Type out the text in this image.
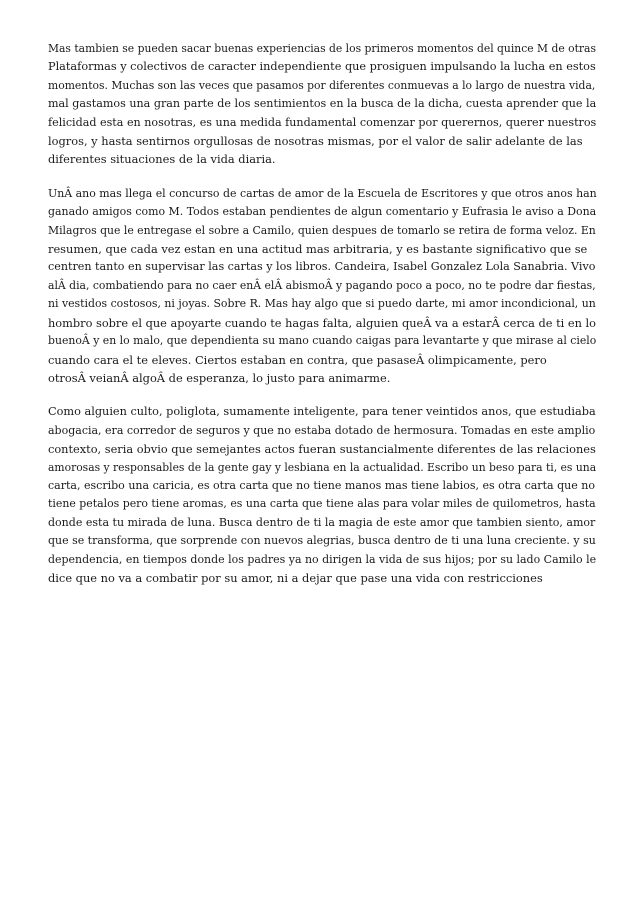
Mas tambien se pueden sacar buenas experiencias de los primeros momentos del quince M de otras
Plataformas y colectivos de caracter independiente que prosiguen impulsando la lucha en estos
momentos. Muchas son las veces que pasamos por diferentes conmuevas a lo largo de nuestra vida,
mal gastamos una gran parte de los sentimientos en la busca de la dicha, cuesta aprender que la
felicidad esta en nosotras, es una medida fundamental comenzar por querernos, querer nuestros
logros, y hasta sentirnos orgullosas de nosotras mismas, por el valor de salir adelante de las
diferentes situaciones de la vida diaria.

UnÂ ano mas llega el concurso de cartas de amor de la Escuela de Escritores y que otros anos han
ganado amigos como M. Todos estaban pendientes de algun comentario y Eufrasia le aviso a Dona
Milagros que le entregase el sobre a Camilo, quien despues de tomarlo se retira de forma veloz. En
resumen, que cada vez estan en una actitud mas arbitraria, y es bastante significativo que se
centren tanto en supervisar las cartas y los libros. Candeira, Isabel Gonzalez Lola Sanabria. Vivo
alÂ dia, combatiendo para no caer enÂ elÂ abismoÂ y pagando poco a poco, no te podre dar fiestas,
ni vestidos costosos, ni joyas. Sobre R. Mas hay algo que si puedo darte, mi amor incondicional, un
hombro sobre el que apoyarte cuando te hagas falta, alguien queÂ va a estarÂ cerca de ti en lo
buenoÂ y en lo malo, que dependienta su mano cuando caigas para levantarte y que mirase al cielo
cuando cara el te eleves. Ciertos estaban en contra, que pasaseÂ olimpicamente, pero
otrosÂ veianÂ algoÂ de esperanza, lo justo para animarme.

Como alguien culto, poliglota, sumamente inteligente, para tener veintidos anos, que estudiaba
abogacia, era corredor de seguros y que no estaba dotado de hermosura. Tomadas en este amplio
contexto, seria obvio que semejantes actos fueran sustancialmente diferentes de las relaciones
amorosas y responsables de la gente gay y lesbiana en la actualidad. Escribo un beso para ti, es una
carta, escribo una caricia, es otra carta que no tiene manos mas tiene labios, es otra carta que no
tiene petalos pero tiene aromas, es una carta que tiene alas para volar miles de quilometros, hasta
donde esta tu mirada de luna. Busca dentro de ti la magia de este amor que tambien siento, amor
que se transforma, que sorprende con nuevos alegrias, busca dentro de ti una luna creciente. y su
dependencia, en tiempos donde los padres ya no dirigen la vida de sus hijos; por su lado Camilo le
dice que no va a combatir por su amor, ni a dejar que pase una vida con restricciones
